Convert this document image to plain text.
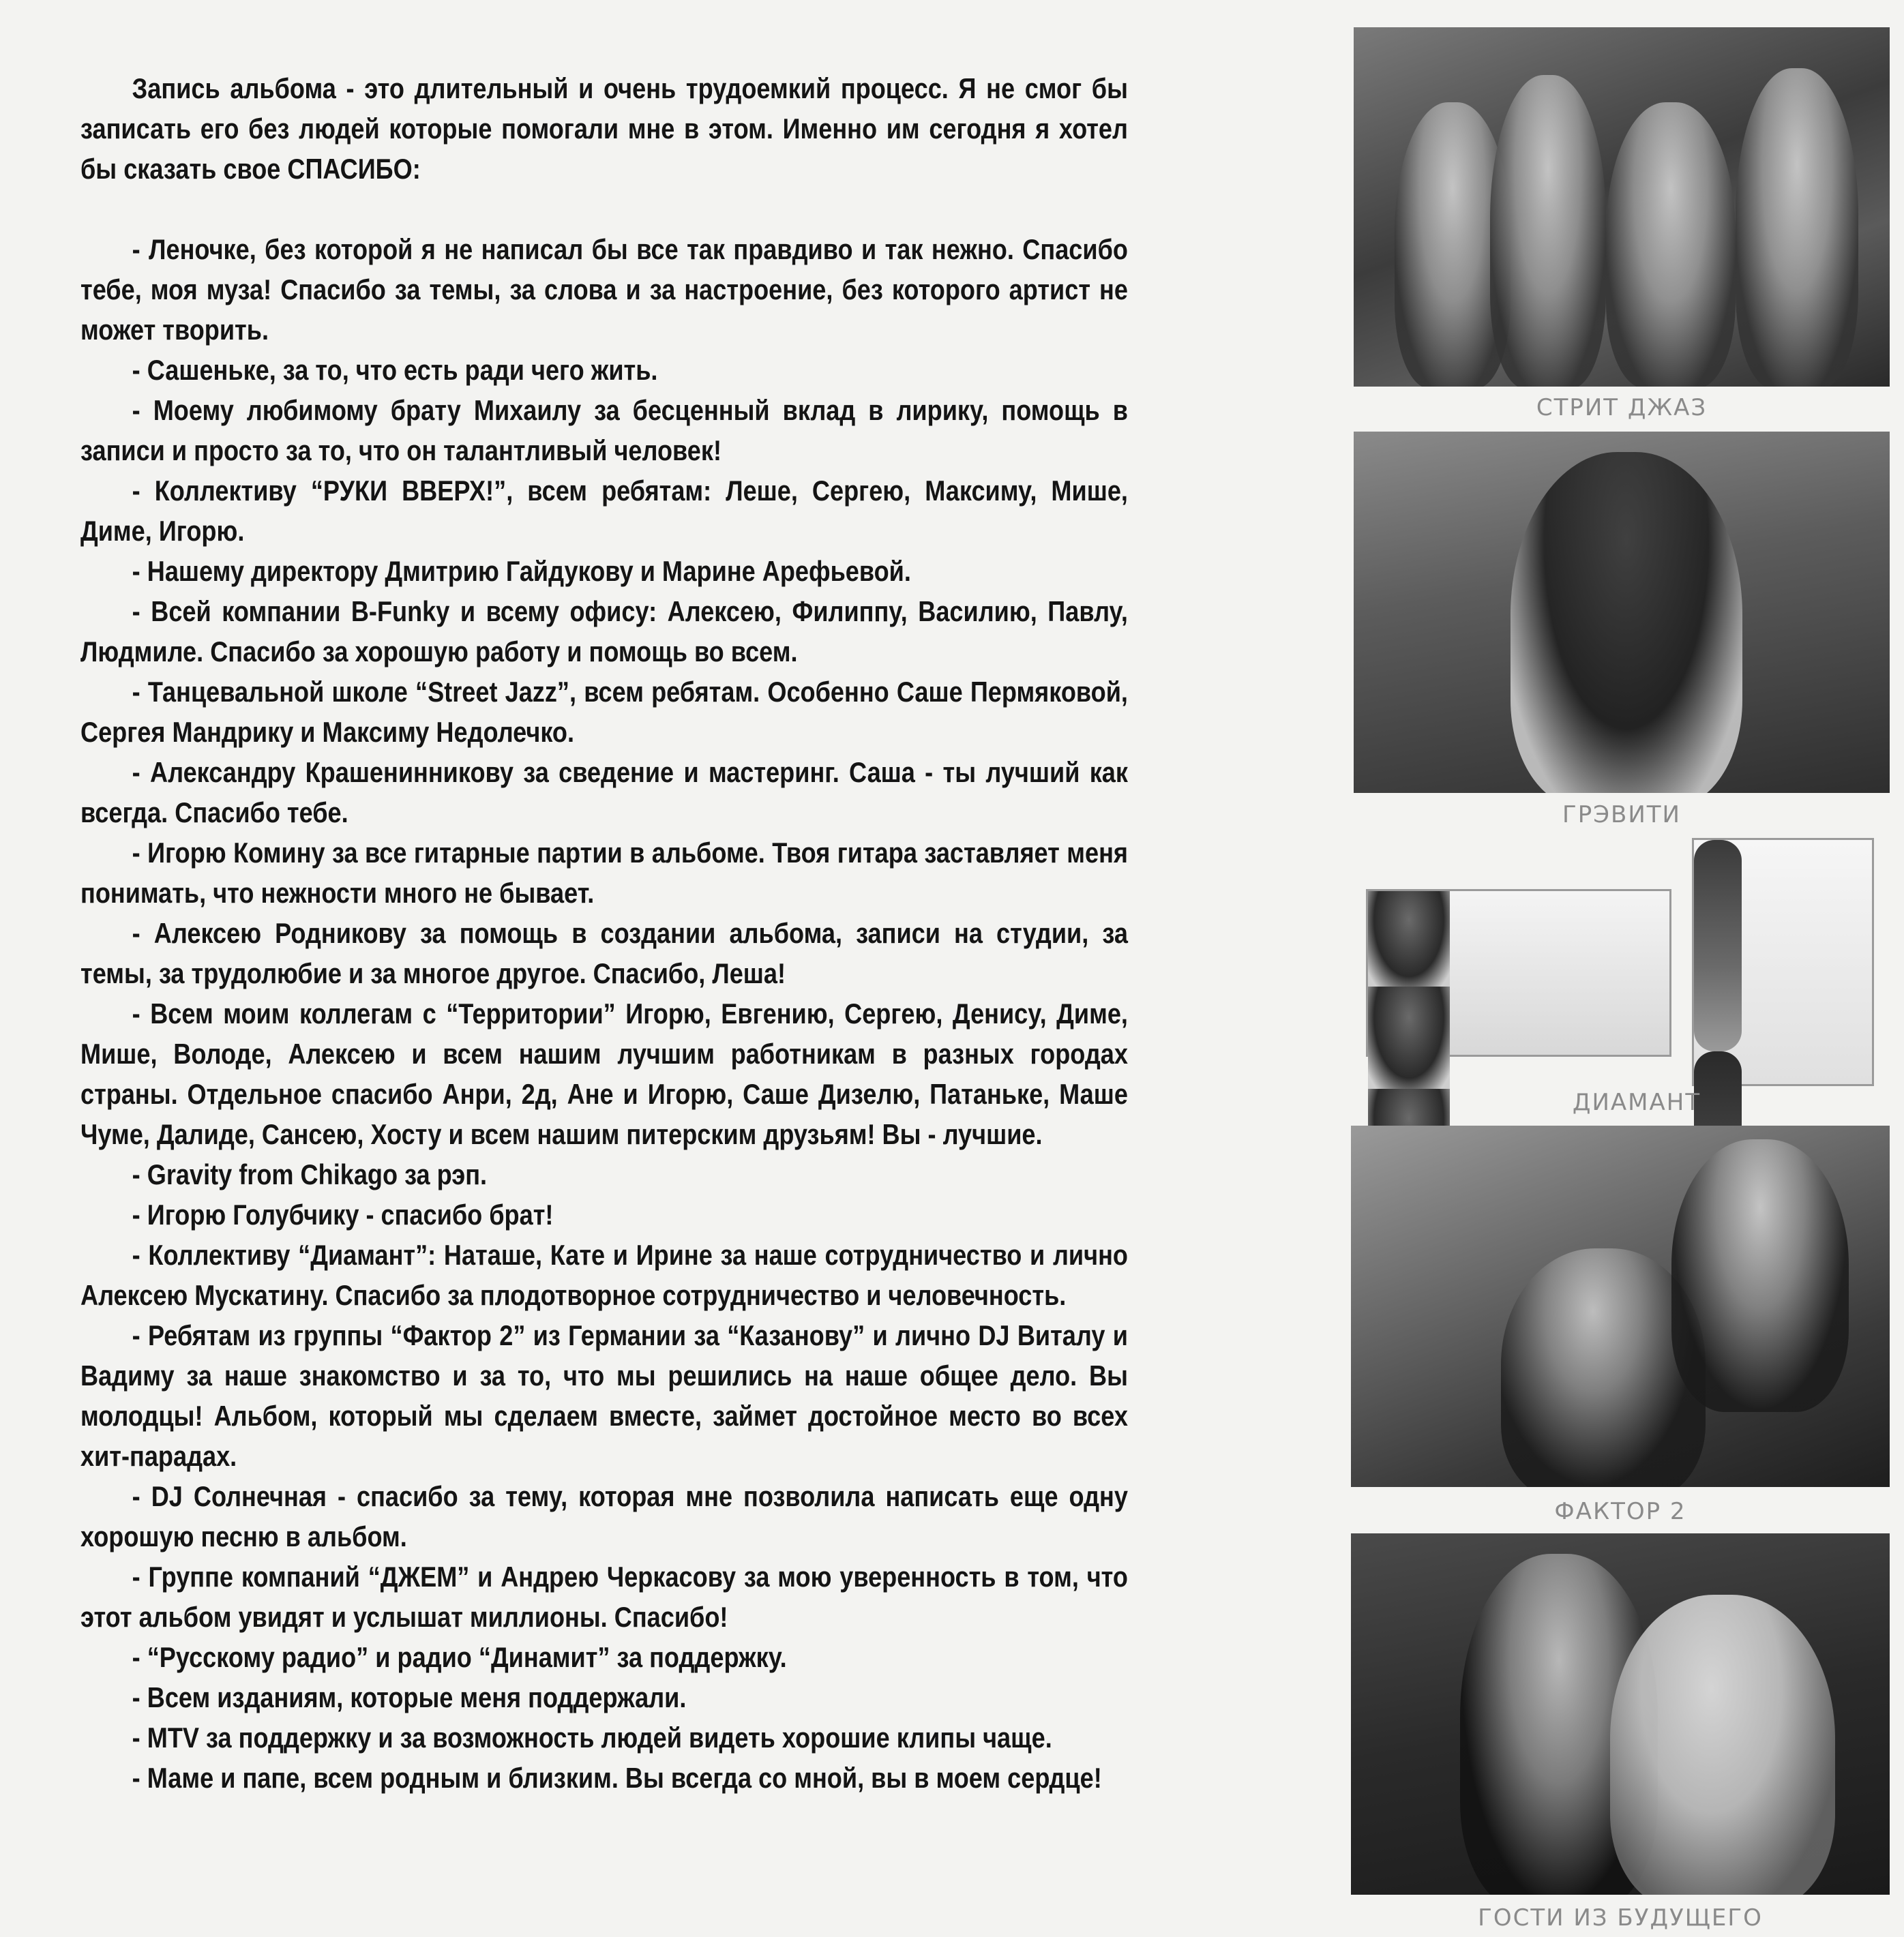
Запись альбома - это длительный и очень трудоемкий процесс. Я не смог бы записать его без людей которые помогали мне в этом. Именно им сегодня я хотел бы сказать свое СПАСИБО:

- Леночке, без которой я не написал бы все так правдиво и так нежно. Спасибо тебе, моя муза! Спасибо за темы, за слова и за настроение, без которого артист не может творить.

- Сашеньке, за то, что есть ради чего жить.

- Моему любимому брату Михаилу за бесценный вклад в лирику, помощь в записи и просто за то, что он талантливый человек!

- Коллективу “РУКИ ВВЕРХ!”, всем ребятам: Леше, Сергею, Максиму, Мише, Диме, Игорю.

- Нашему директору Дмитрию Гайдукову и Марине Арефьевой.

- Всей компании B-Funky и всему офису: Алексею, Филиппу, Василию, Павлу, Людмиле. Спасибо за хорошую работу и помощь во всем.

- Танцевальной школе “Street Jazz”, всем ребятам. Особенно Саше Пермяковой, Сергея Мандрику и Максиму Недолечко.

- Александру Крашенинникову за сведение и мастеринг. Саша - ты лучший как всегда. Спасибо тебе.

- Игорю Комину за все гитарные партии в альбоме. Твоя гитара заставляет меня понимать, что нежности много не бывает.

- Алексею Родникову за помощь в создании альбома, записи на студии, за темы, за трудолюбие и за многое другое. Спасибо, Леша!

- Всем моим коллегам с “Территории” Игорю, Евгению, Сергею, Денису, Диме, Мише, Володе, Алексею и всем нашим лучшим работникам в разных городах страны. Отдельное спасибо Анри, 2д, Ане и Игорю, Саше Дизелю, Патаньке, Маше Чуме, Далиде, Сансею, Хосту и всем нашим питерским друзьям! Вы - лучшие.

- Gravity from Chikago за рэп.

- Игорю Голубчику - спасибо брат!

- Коллективу “Диамант”: Наташе, Кате и Ирине за наше сотрудничество и лично Алексею Мускатину. Спасибо за плодотворное сотрудничество и человечность.

- Ребятам из группы “Фактор 2” из Германии за “Казанову” и лично DJ Виталу и Вадиму за наше знакомство и за то, что мы решились на наше общее дело. Вы молодцы! Альбом, который мы сделаем вместе, займет достойное место во всех хит-парадах.

- DJ Солнечная - спасибо за тему, которая мне позволила написать еще одну хорошую песню в альбом.

- Группе компаний “ДЖЕМ” и Андрею Черкасову за мою уверенность в том, что этот альбом увидят и услышат миллионы. Спасибо!

- “Русскому радио” и радио “Динамит” за поддержку.

- Всем изданиям, которые меня поддержали.

- MTV за поддержку и за возможность людей видеть хорошие клипы чаще.

- Маме и папе, всем родным и близким. Вы всегда со мной, вы в моем сердце!

СТРИТ ДЖАЗ
ГРЭВИТИ
ДИАМАНТ
ФАКТОР 2
ГОСТИ ИЗ БУДУЩЕГО
